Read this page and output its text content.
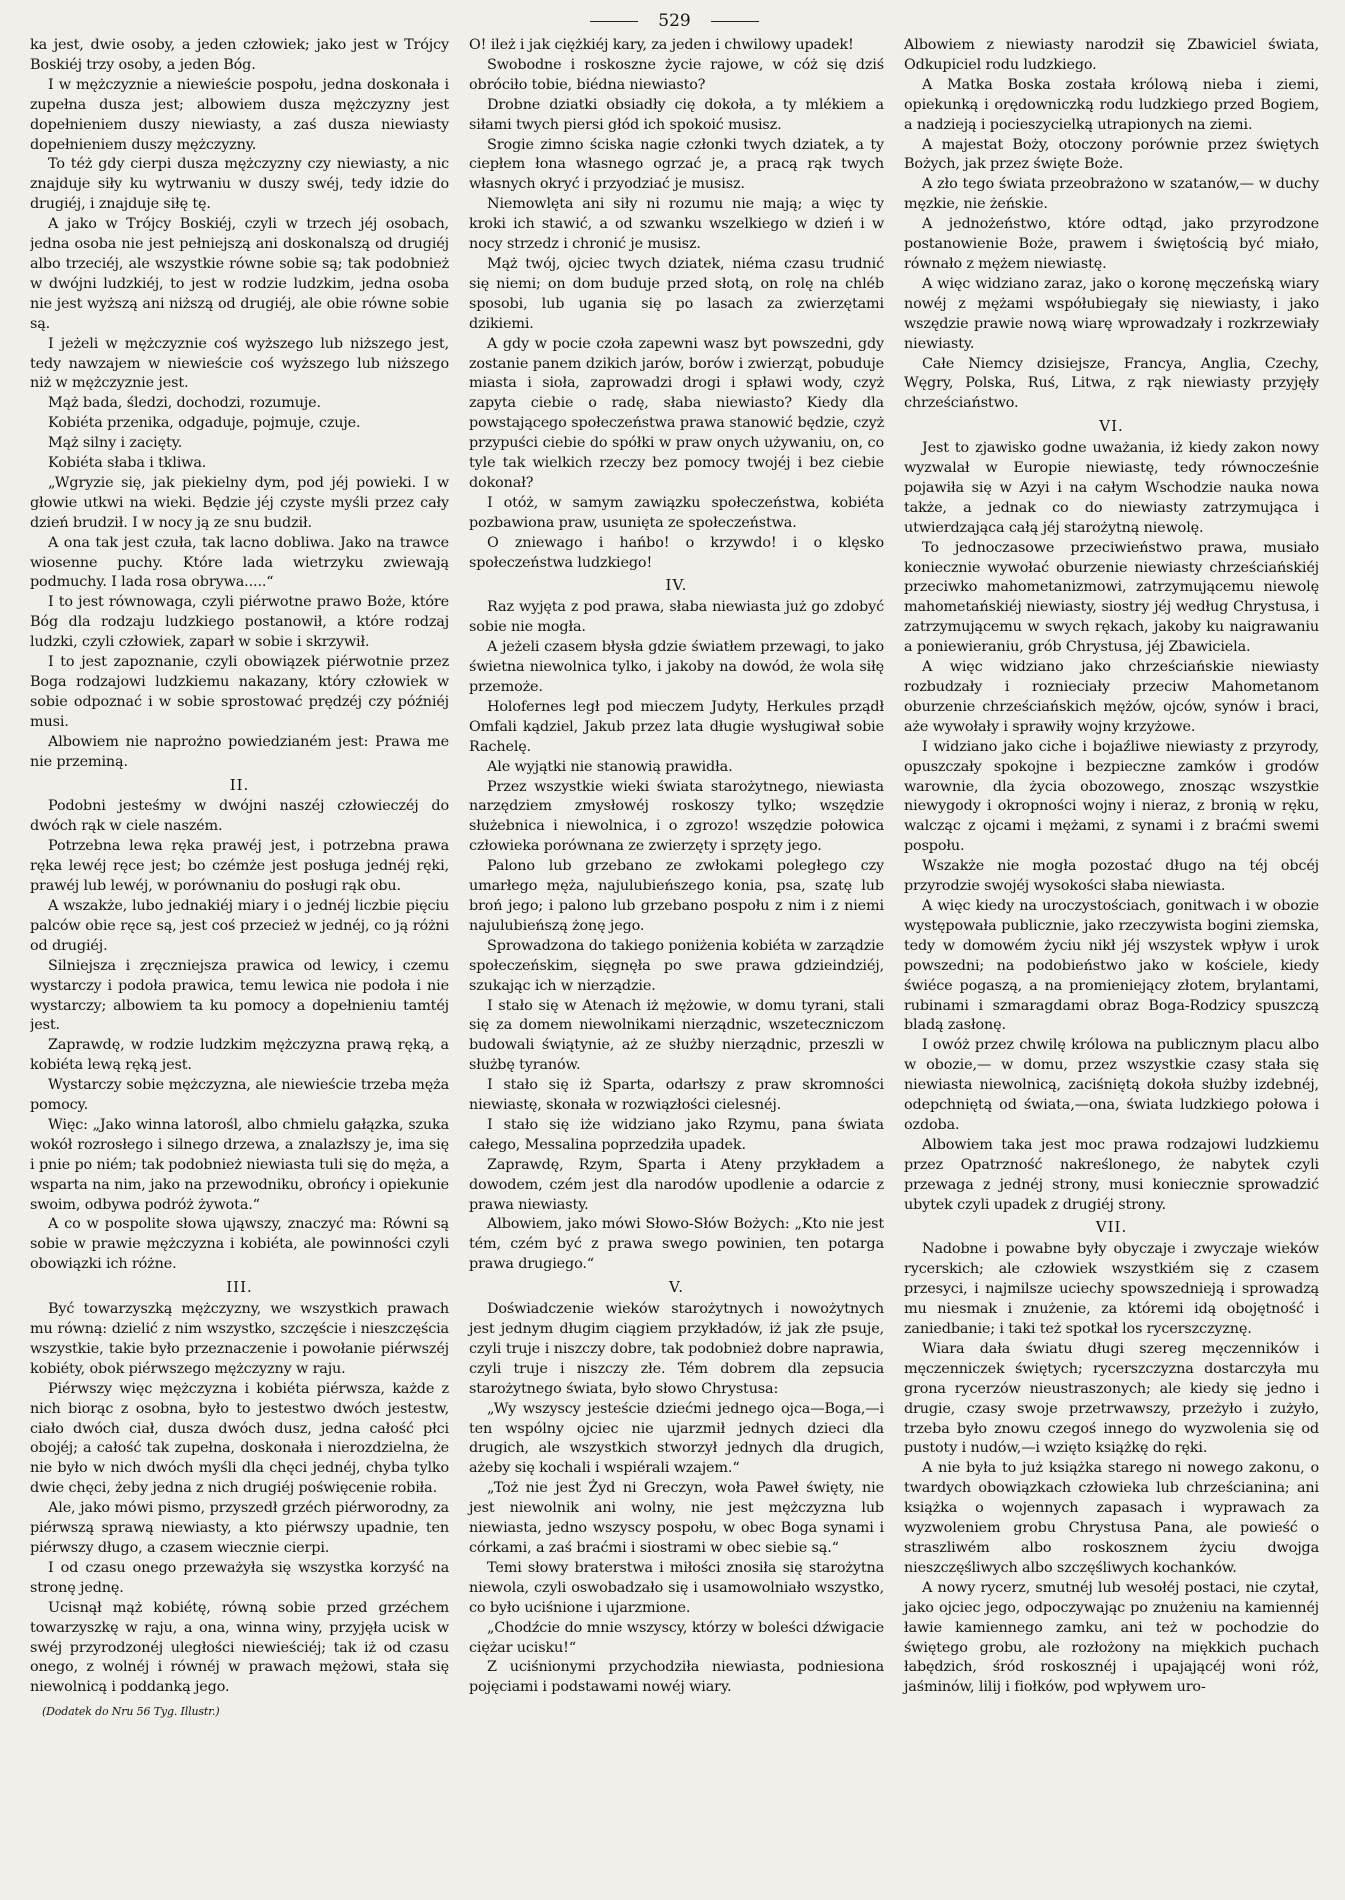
529

ka jest, dwie osoby, a jeden człowiek; jako jest w Trójcy Boskiéj trzy osoby, a jeden Bóg.

I w mężczyznie a niewieście pospołu, jedna doskonała i zupełna dusza jest; albowiem dusza mężczyzny jest dopełnieniem duszy niewiasty, a zaś dusza niewiasty dopełnieniem duszy mężczyzny.

To téż gdy cierpi dusza mężczyzny czy niewiasty, a nic znajduje siły ku wytrwaniu w duszy swéj, tedy idzie do drugiéj, i znajduje siłę tę.

A jako w Trójcy Boskiéj, czyli w trzech jéj osobach, jedna osoba nie jest pełniejszą ani doskonalszą od drugiéj albo trzeciéj, ale wszystkie równe sobie są; tak podobnież w dwójni ludzkiéj, to jest w rodzie ludzkim, jedna osoba nie jest wyższą ani niższą od drugiéj, ale obie równe sobie są.

I jeżeli w mężczyznie coś wyższego lub niższego jest, tedy nawzajem w niewieście coś wyższego lub niższego niż w mężczyznie jest.

Mąż bada, śledzi, dochodzi, rozumuje.

Kobiéta przenika, odgaduje, pojmuje, czuje.

Mąż silny i zacięty.

Kobiéta słaba i tkliwa.

„Wgryzie się, jak piekielny dym, pod jéj powieki. I w głowie utkwi na wieki. Będzie jéj czyste myśli przez cały dzień brudził. I w nocy ją ze snu budził.

A ona tak jest czuła, tak lacno dobliwa. Jako na trawce wiosenne puchy. Które lada wietrzyku zwiewają podmuchy. I lada rosa obrywa.....“

I to jest równowaga, czyli piérwotne prawo Boże, które Bóg dla rodzaju ludzkiego postanowił, a które rodzaj ludzki, czyli człowiek, zaparł w sobie i skrzywił.

I to jest zapoznanie, czyli obowiązek piérwotnie przez Boga rodzajowi ludzkiemu nakazany, który człowiek w sobie odpoznać i w sobie sprostować prędzéj czy późniéj musi.

Albowiem nie naprożno powiedzianém jest: Prawa me nie przeminą.

II.

Podobni jesteśmy w dwójni naszéj człowieczéj do dwóch rąk w ciele naszém.

Potrzebna lewa ręka prawéj jest, i potrzebna prawa ręka lewéj ręce jest; bo czémże jest posługa jednéj ręki, prawéj lub lewéj, w porównaniu do posługi rąk obu.

A wszakże, lubo jednakiéj miary i o jednéj liczbie pięciu palców obie ręce są, jest coś przecież w jednéj, co ją różni od drugiéj.

Silniejsza i zręczniejsza prawica od lewicy, i czemu wystarczy i podoła prawica, temu lewica nie podoła i nie wystarczy; albowiem ta ku pomocy a dopełnieniu tamtéj jest.

Zaprawdę, w rodzie ludzkim mężczyzna prawą ręką, a kobiéta lewą ręką jest.

Wystarczy sobie mężczyzna, ale niewieście trzeba męża pomocy.

Więc: „Jako winna latorośl, albo chmielu gałązka, szuka wokół rozrosłego i silnego drzewa, a znalazłszy je, ima się i pnie po niém; tak podobnież niewiasta tuli się do męża, a wsparta na nim, jako na przewodniku, obrońcy i opiekunie swoim, odbywa podróż żywota.“

A co w pospolite słowa ująwszy, znaczyć ma: Równi są sobie w prawie mężczyzna i kobiéta, ale powinności czyli obowiązki ich różne.

III.

Być towarzyszką mężczyzny, we wszystkich prawach mu równą: dzielić z nim wszystko, szczęście i nieszczęścia wszystkie, takie było przeznaczenie i powołanie piérwszéj kobiéty, obok piérwszego mężczyzny w raju.

Piérwszy więc mężczyzna i kobiéta piérwsza, każde z nich biorąc z osobna, było to jestestwo dwóch jestestw, ciało dwóch ciał, dusza dwóch dusz, jedna całość płci obojéj; a całość tak zupełna, doskonała i nierozdzielna, że nie było w nich dwóch myśli dla chęci jednéj, chyba tylko dwie chęci, żeby jedna z nich drugiéj poświęcenie robiła.

Ale, jako mówi pismo, przyszedł grzéch piérworodny, za piérwszą sprawą niewiasty, a kto piérwszy upadnie, ten piérwszy długo, a czasem wiecznie cierpi.

I od czasu onego przeważyła się wszystka korzyść na stronę jednę.

Ucisnął mąż kobiétę, równą sobie przed grzéchem towarzyszkę w raju, a ona, winna winy, przyjęła ucisk w swéj przyrodzonéj uległości niewieściéj; tak iż od czasu onego, z wolnéj i równéj w prawach mężowi, stała się niewolnicą i poddanką jego.

(Dodatek do Nru 56 Tyg. Illustr.)

O! ileż i jak ciężkiéj kary, za jeden i chwilowy upadek!

Swobodne i roskoszne życie rajowe, w cóż się dziś obróciło tobie, biédna niewiasto?

Drobne dziatki obsiadły cię dokoła, a ty mlékiem a siłami twych piersi głód ich spokoić musisz.

Srogie zimno ściska nagie członki twych dziatek, a ty ciepłem łona własnego ogrzać je, a pracą rąk twych własnych okryć i przyodziać je musisz.

Niemowlęta ani siły ni rozumu nie mają; a więc ty kroki ich stawić, a od szwanku wszelkiego w dzień i w nocy strzedz i chronić je musisz.

Mąż twój, ojciec twych dziatek, niéma czasu trudnić się niemi; on dom buduje przed słotą, on rolę na chléb sposobi, lub ugania się po lasach za zwierzętami dzikiemi.

A gdy w pocie czoła zapewni wasz byt powszedni, gdy zostanie panem dzikich jarów, borów i zwierząt, pobuduje miasta i sioła, zaprowadzi drogi i spławi wody, czyż zapyta ciebie o radę, słaba niewiasto? Kiedy dla powstającego społeczeństwa prawa stanowić będzie, czyż przypuści ciebie do spółki w praw onych używaniu, on, co tyle tak wielkich rzeczy bez pomocy twojéj i bez ciebie dokonał?

I otóż, w samym zawiązku społeczeństwa, kobiéta pozbawiona praw, usunięta ze społeczeństwa.

O zniewago i hańbo! o krzywdo! i o klęsko społeczeństwa ludzkiego!

IV.

Raz wyjęta z pod prawa, słaba niewiasta już go zdobyć sobie nie mogła.

A jeżeli czasem błysła gdzie światłem przewagi, to jako świetna niewolnica tylko, i jakoby na dowód, że wola siłę przemoże.

Holofernes legł pod mieczem Judyty, Herkules prządł Omfali kądziel, Jakub przez lata długie wysługiwał sobie Rachelę.

Ale wyjątki nie stanowią prawidła.

Przez wszystkie wieki świata starożytnego, niewiasta narzędziem zmysłowéj roskoszy tylko; wszędzie służebnica i niewolnica, i o zgrozo! wszędzie połowica człowieka porównana ze zwierzęty i sprzęty jego.

Palono lub grzebano ze zwłokami poległego czy umarłego męża, najulubieńszego konia, psa, szatę lub broń jego; i palono lub grzebano pospołu z nim i z niemi najulubieńszą żonę jego.

Sprowadzona do takiego poniżenia kobiéta w zarządzie społeczeńskim, sięgnęła po swe prawa gdzieindziéj, szukając ich w nierządzie.

I stało się w Atenach iż mężowie, w domu tyrani, stali się za domem niewolnikami nierządnic, wszeteczniczom budowali świątynie, aż ze służby nierządnic, przeszli w służbę tyranów.

I stało się iż Sparta, odarłszy z praw skromności niewiastę, skonała w rozwiązłości cielesnéj.

I stało się iże widziano jako Rzymu, pana świata całego, Messalina poprzedziła upadek.

Zaprawdę, Rzym, Sparta i Ateny przykładem a dowodem, czém jest dla narodów upodlenie a odarcie z prawa niewiasty.

Albowiem, jako mówi Słowo-Słów Bożych: „Kto nie jest tém, czém być z prawa swego powinien, ten potarga prawa drugiego.“

V.

Doświadczenie wieków starożytnych i nowożytnych jest jednym długim ciągiem przykładów, iż jak złe psuje, czyli truje i niszczy dobre, tak podobnież dobre naprawia, czyli truje i niszczy złe. Tém dobrem dla zepsucia starożytnego świata, było słowo Chrystusa:

„Wy wszyscy jesteście dziećmi jednego ojca—Boga,—i ten wspólny ojciec nie ujarzmił jednych dzieci dla drugich, ale wszystkich stworzył jednych dla drugich, ażeby się kochali i wspiérali wzajem.“

„Toż nie jest Żyd ni Greczyn, woła Paweł święty, nie jest niewolnik ani wolny, nie jest mężczyzna lub niewiasta, jedno wszyscy pospołu, w obec Boga synami i córkami, a zaś braćmi i siostrami w obec siebie są.“

Temi słowy braterstwa i miłości znosiła się starożytna niewola, czyli oswobadzało się i usamowolniało wszystko, co było uciśnione i ujarzmione.

„Chodźcie do mnie wszyscy, którzy w boleści dźwigacie ciężar ucisku!“

Z uciśnionymi przychodziła niewiasta, podniesiona pojęciami i podstawami nowéj wiary.

Albowiem z niewiasty narodził się Zbawiciel świata, Odkupiciel rodu ludzkiego.

A Matka Boska została królową nieba i ziemi, opiekunką i orędowniczką rodu ludzkiego przed Bogiem, a nadzieją i pocieszycielką utrapionych na ziemi.

A majestat Boży, otoczony porównie przez świętych Bożych, jak przez święte Boże.

A zło tego świata przeobrażono w szatanów,— w duchy męzkie, nie żeńskie.

A jednożeństwo, które odtąd, jako przyrodzone postanowienie Boże, prawem i świętością być miało, równało z mężem niewiastę.

A więc widziano zaraz, jako o koronę męczeńską wiary nowéj z mężami współubiegały się niewiasty, i jako wszędzie prawie nową wiarę wprowadzały i rozkrzewiały niewiasty.

Całe Niemcy dzisiejsze, Francya, Anglia, Czechy, Węgry, Polska, Ruś, Litwa, z rąk niewiasty przyjęły chrześciaństwo.

VI.

Jest to zjawisko godne uważania, iż kiedy zakon nowy wyzwalał w Europie niewiastę, tedy równocześnie pojawiła się w Azyi i na całym Wschodzie nauka nowa także, a jednak co do niewiasty zatrzymująca i utwierdzająca całą jéj starożytną niewolę.

To jednoczasowe przeciwieństwo prawa, musiało koniecznie wywołać oburzenie niewiasty chrześciańskiéj przeciwko mahometanizmowi, zatrzymującemu niewolę mahometańskiéj niewiasty, siostry jéj według Chrystusa, i zatrzymującemu w swych rękach, jakoby ku naigrawaniu a poniewieraniu, grób Chrystusa, jéj Zbawiciela.

A więc widziano jako chrześciańskie niewiasty rozbudzały i roznieciały przeciw Mahometanom oburzenie chrześciańskich mężów, ojców, synów i braci, aże wywołały i sprawiły wojny krzyżowe.

I widziano jako ciche i bojaźliwe niewiasty z przyrody, opuszczały spokojne i bezpieczne zamków i grodów warownie, dla życia obozowego, znosząc wszystkie niewygody i okropności wojny i nieraz, z bronią w ręku, walcząc z ojcami i mężami, z synami i z braćmi swemi pospołu.

Wszakże nie mogła pozostać długo na téj obcéj przyrodzie swojéj wysokości słaba niewiasta.

A więc kiedy na uroczystościach, gonitwach i w obozie występowała publicznie, jako rzeczywista bogini ziemska, tedy w domowém życiu nikł jéj wszystek wpływ i urok powszedni; na podobieństwo jako w kościele, kiedy świéce pogaszą, a na promieniejący złotem, brylantami, rubinami i szmaragdami obraz Boga-Rodzicy spuszczą bladą zasłonę.

I owóż przez chwilę królowa na publicznym placu albo w obozie,— w domu, przez wszystkie czasy stała się niewiasta niewolnicą, zaciśniętą dokoła służby izdebnéj, odepchniętą od świata,—ona, świata ludzkiego połowa i ozdoba.

Albowiem taka jest moc prawa rodzajowi ludzkiemu przez Opatrzność nakreślonego, że nabytek czyli przewaga z jednéj strony, musi koniecznie sprowadzić ubytek czyli upadek z drugiéj strony.

VII.

Nadobne i powabne były obyczaje i zwyczaje wieków rycerskich; ale człowiek wszystkiém się z czasem przesyci, i najmilsze uciechy spowszednieją i sprowadzą mu niesmak i znużenie, za któremi idą obojętność i zaniedbanie; i taki też spotkał los rycerszczyznę.

Wiara dała światu długi szereg męczenników i męczenniczek świętych; rycerszczyzna dostarczyła mu grona rycerzów nieustraszonych; ale kiedy się jedno i drugie, czasy swoje przetrwawszy, przeżyło i zużyło, trzeba było znowu czegoś innego do wyzwolenia się od pustoty i nudów,—i wzięto książkę do ręki.

A nie była to już książka starego ni nowego zakonu, o twardych obowiązkach człowieka lub chrześcianina; ani książka o wojennych zapasach i wyprawach za wyzwoleniem grobu Chrystusa Pana, ale powieść o straszliwém albo roskosznem życiu dwojga nieszczęśliwych albo szczęśliwych kochanków.

A nowy rycerz, smutnéj lub wesołéj postaci, nie czytał, jako ojciec jego, odpoczywając po znużeniu na kamiennéj ławie kamiennego zamku, ani też w pochodzie do świętego grobu, ale rozłożony na miękkich puchach łabędzich, śród roskosznéj i upajającéj woni róż, jaśminów, lilij i fiołków, pod wpływem uro-
